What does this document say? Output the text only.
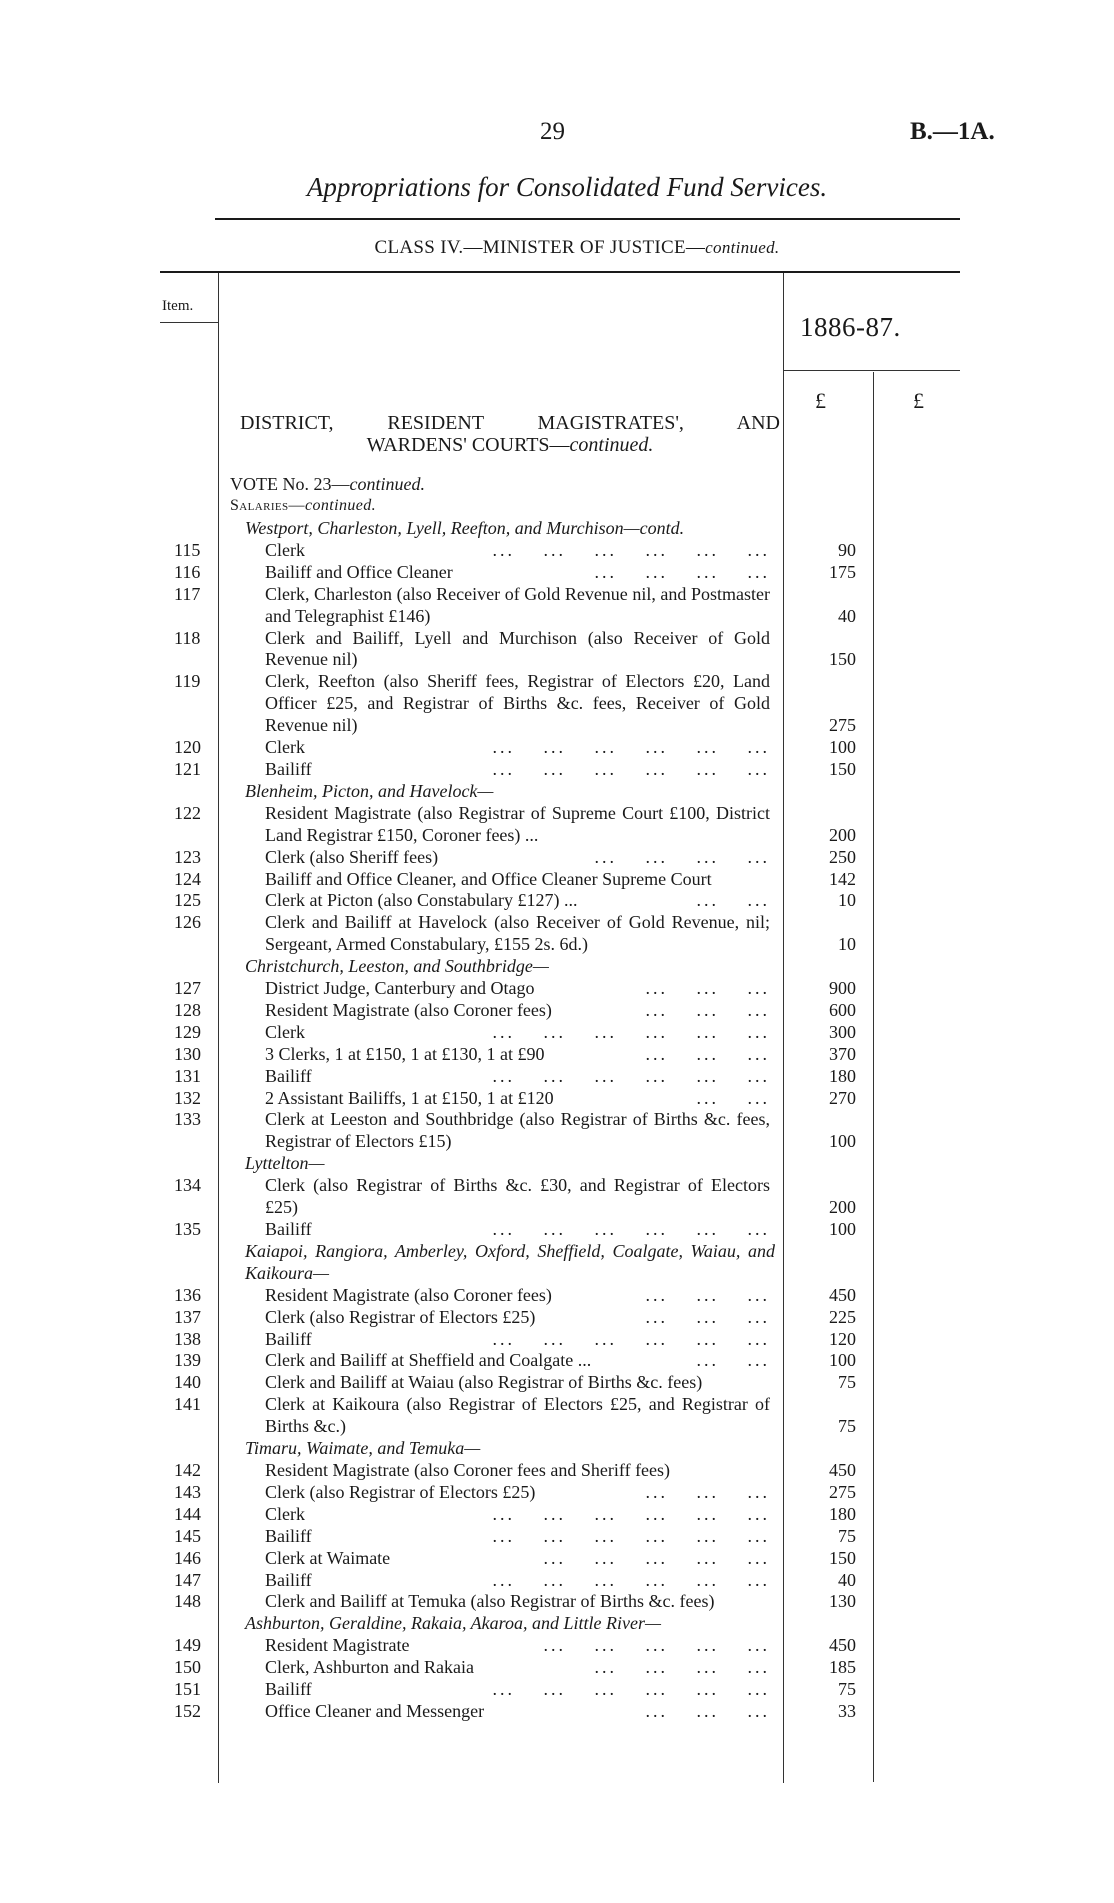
29	B.—1A.
Appropriations for Consolidated Fund Services.
CLASS IV.—MINISTER OF JUSTICE—continued.
Item.
1886-87.
£	£
DISTRICT, RESIDENT MAGISTRATES', AND
WARDENS' COURTS—continued.
VOTE No. 23—continued.
Salaries—continued.
Westport, Charleston, Lyell, Reefton, and Murchison—contd.
115	Clerk	...  ...  ...  ...  ...  ...	90
116	Bailiff and Office Cleaner	...  ...  ...  ...	175
117	Clerk, Charleston (also Receiver of Gold Revenue nil, and Postmaster and Telegraphist £146)	40
118	Clerk and Bailiff, Lyell and Murchison (also Receiver of Gold Revenue nil)	150
119	Clerk, Reefton (also Sheriff fees, Registrar of Electors £20, Land Officer £25, and Registrar of Births &c. fees, Receiver of Gold Revenue nil)	275
120	Clerk	...  ...  ...  ...  ...  ...	100
121	Bailiff	...  ...  ...  ...  ...  ...	150
Blenheim, Picton, and Havelock—
122	Resident Magistrate (also Registrar of Supreme Court £100, District Land Registrar £150, Coroner fees) ...	200
123	Clerk (also Sheriff fees)	...  ...  ...  ...	250
124	Bailiff and Office Cleaner, and Office Cleaner Supreme Court	142
125	Clerk at Picton (also Constabulary £127) ...	...  ...	10
126	Clerk and Bailiff at Havelock (also Receiver of Gold Revenue, nil; Sergeant, Armed Constabulary, £155 2s. 6d.)	10
Christchurch, Leeston, and Southbridge—
127	District Judge, Canterbury and Otago	...  ...  ...	900
128	Resident Magistrate (also Coroner fees)	...  ...  ...	600
129	Clerk	...  ...  ...  ...  ...  ...	300
130	3 Clerks, 1 at £150, 1 at £130, 1 at £90	...  ...  ...	370
131	Bailiff	...  ...  ...  ...  ...  ...	180
132	2 Assistant Bailiffs, 1 at £150, 1 at £120	...  ...	270
133	Clerk at Leeston and Southbridge (also Registrar of Births &c. fees, Registrar of Electors £15)	100
Lyttelton—
134	Clerk (also Registrar of Births &c. £30, and Registrar of Electors £25)	200
135	Bailiff	...  ...  ...  ...  ...  ...	100
Kaiapoi, Rangiora, Amberley, Oxford, Sheffield, Coalgate, Waiau, and Kaikoura—
136	Resident Magistrate (also Coroner fees)	...  ...  ...	450
137	Clerk (also Registrar of Electors £25)	...  ...  ...	225
138	Bailiff	...  ...  ...  ...  ...  ...	120
139	Clerk and Bailiff at Sheffield and Coalgate ...	...  ...	100
140	Clerk and Bailiff at Waiau (also Registrar of Births &c. fees)	75
141	Clerk at Kaikoura (also Registrar of Electors £25, and Registrar of Births &c.)	75
Timaru, Waimate, and Temuka—
142	Resident Magistrate (also Coroner fees and Sheriff fees)	450
143	Clerk (also Registrar of Electors £25)	...  ...  ...	275
144	Clerk	...  ...  ...  ...  ...  ...	180
145	Bailiff	...  ...  ...  ...  ...  ...	75
146	Clerk at Waimate	...  ...  ...  ...  ...	150
147	Bailiff	...  ...  ...  ...  ...  ...	40
148	Clerk and Bailiff at Temuka (also Registrar of Births &c. fees)	130
Ashburton, Geraldine, Rakaia, Akaroa, and Little River—
149	Resident Magistrate	...  ...  ...  ...  ...	450
150	Clerk, Ashburton and Rakaia	...  ...  ...  ...	185
151	Bailiff	...  ...  ...  ...  ...  ...	75
152	Office Cleaner and Messenger	...  ...  ...	33
